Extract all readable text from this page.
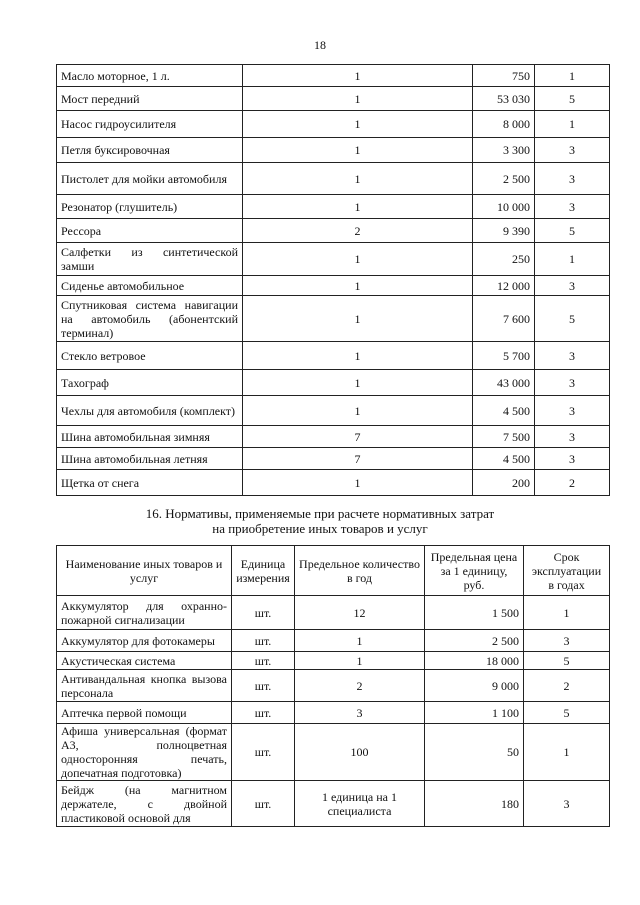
18
Масло моторное, 1 л.	1	750	1
Мост передний	1	53 030	5
Насос гидроусилителя	1	8 000	1
Петля буксировочная	1	3 300	3
Пистолет для мойки автомобиля	1	2 500	3
Резонатор (глушитель)	1	10 000	3
Рессора	2	9 390	5
Салфетки из синтетической замши	1	250	1
Сиденье автомобильное	1	12 000	3
Спутниковая система навигации на автомобиль (абонентский терминал)	1	7 600	5
Стекло ветровое	1	5 700	3
Тахограф	1	43 000	3
Чехлы для автомобиля (комплект)	1	4 500	3
Шина автомобильная зимняя	7	7 500	3
Шина автомобильная летняя	7	4 500	3
Щетка от снега	1	200	2
16. Нормативы, применяемые при расчете нормативных затрат
на приобретение иных товаров и услуг
Наименование иных товаров и услуг	Единица измерения	Предельное количество в год	Предельная цена за 1 единицу, руб.	Срок эксплуатации в годах
Аккумулятор для охранно-пожарной сигнализации	шт.	12	1 500	1
Аккумулятор для фотокамеры	шт.	1	2 500	3
Акустическая система	шт.	1	18 000	5
Антивандальная кнопка вызова персонала	шт.	2	9 000	2
Аптечка первой помощи	шт.	3	1 100	5
Афиша универсальная (формат А3, полноцветная односторонняя печать, допечатная подготовка)	шт.	100	50	1
Бейдж (на магнитном держателе, с двойной пластиковой основой для	шт.	1 единица на 1 специалиста	180	3
